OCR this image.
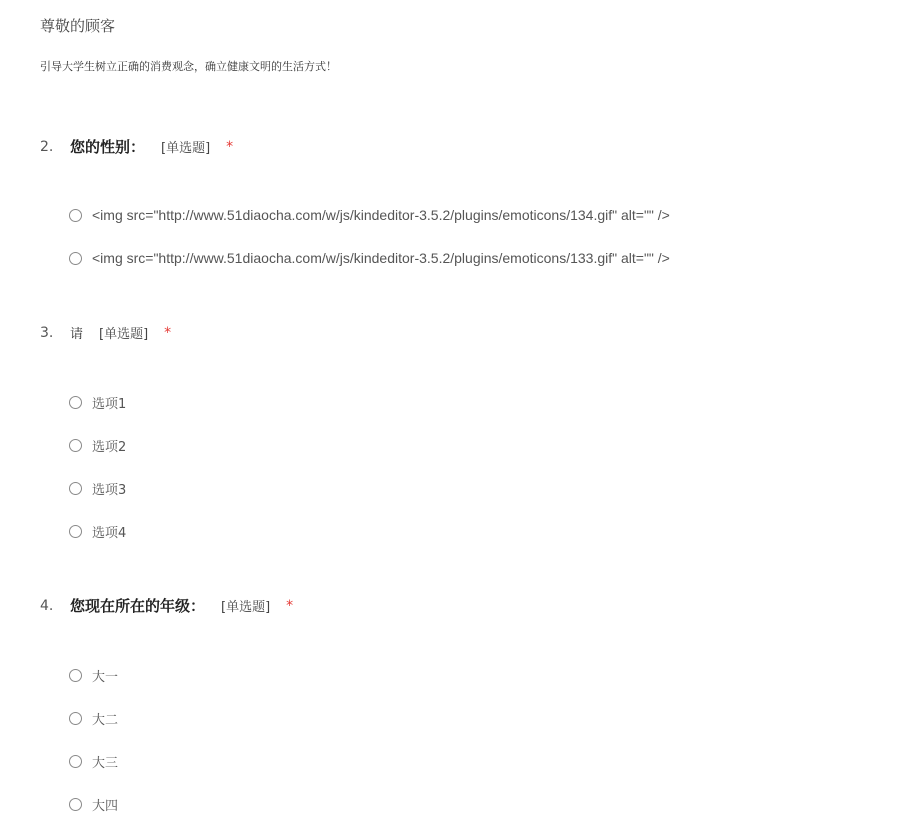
尊敬的顾客
引导大学生树立正确的消费观念，确立健康文明的生活方式！
2.	您的性别： [单选题] *
<img src="http://www.51diaocha.com/w/js/kindeditor-3.5.2/plugins/emoticons/134.gif" alt="" />
<img src="http://www.51diaocha.com/w/js/kindeditor-3.5.2/plugins/emoticons/133.gif" alt="" />
3.	请 [单选题] *
选项1
选项2
选项3
选项4
4.	您现在所在的年级： [单选题] *
大一
大二
大三
大四
